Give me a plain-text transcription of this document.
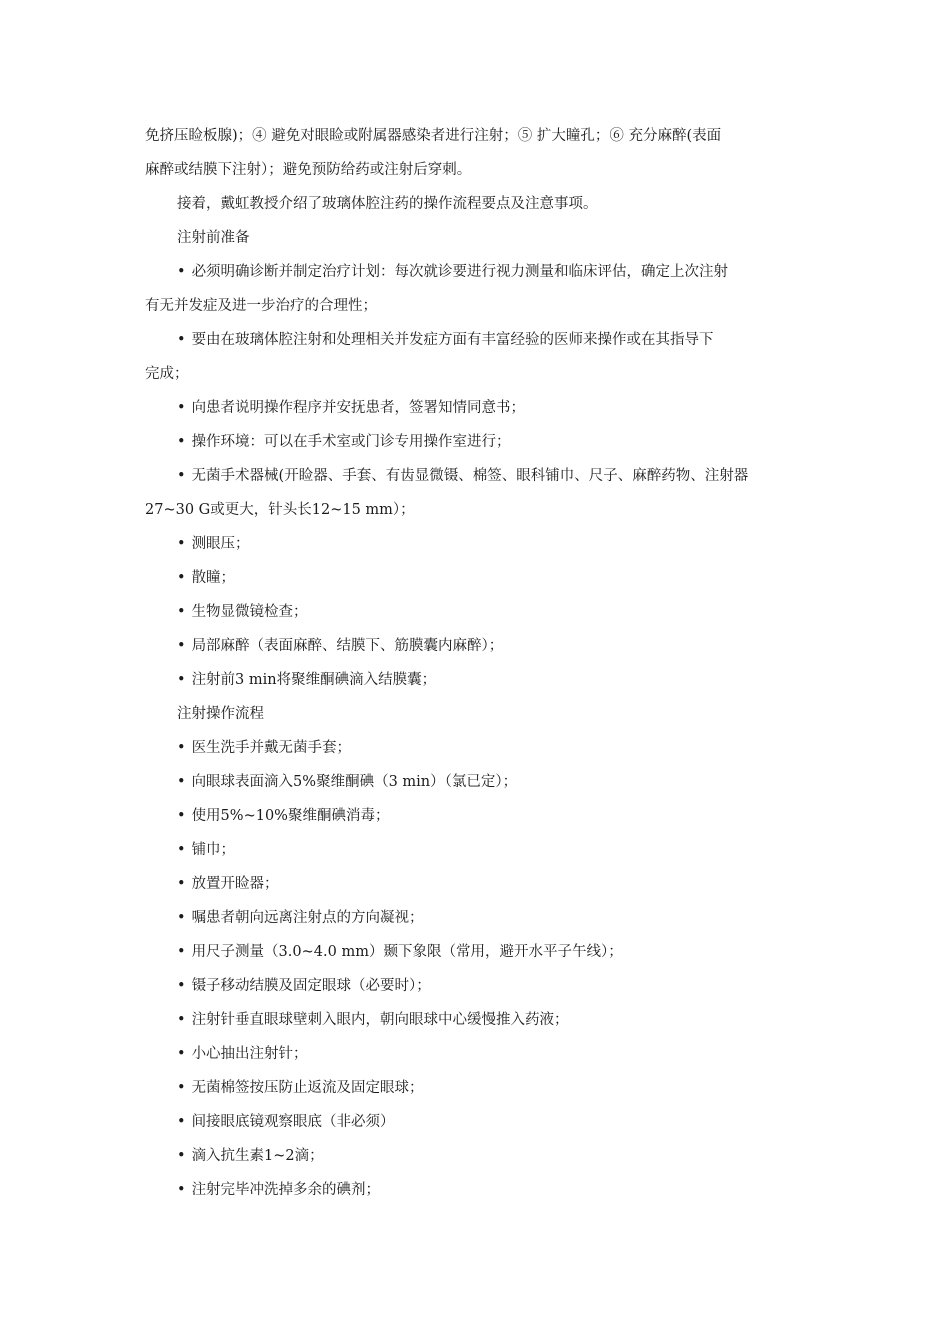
免挤压睑板腺)；④ 避免对眼睑或附属器感染者进行注射；⑤ 扩大瞳孔；⑥ 充分麻醉(表面
麻醉或结膜下注射）；避免预防给药或注射后穿刺。
接着，戴虹教授介绍了玻璃体腔注药的操作流程要点及注意事项。
注射前准备
• 必须明确诊断并制定治疗计划：每次就诊要进行视力测量和临床评估，确定上次注射
有无并发症及进一步治疗的合理性；
• 要由在玻璃体腔注射和处理相关并发症方面有丰富经验的医师来操作或在其指导下
完成；
• 向患者说明操作程序并安抚患者，签署知情同意书；
• 操作环境：可以在手术室或门诊专用操作室进行；
• 无菌手术器械(开睑器、手套、有齿显微镊、棉签、眼科铺巾、尺子、麻醉药物、注射器
27~30 G或更大，针头长12~15 mm）；
• 测眼压；
• 散瞳；
• 生物显微镜检查；
• 局部麻醉（表面麻醉、结膜下、筋膜囊内麻醉）；
• 注射前3 min将聚维酮碘滴入结膜囊；
注射操作流程
• 医生洗手并戴无菌手套；
• 向眼球表面滴入5%聚维酮碘（3 min）（氯已定）；
• 使用5%~10%聚维酮碘消毒；
• 铺巾；
• 放置开睑器；
• 嘱患者朝向远离注射点的方向凝视；
• 用尺子测量（3.0~4.0 mm）颞下象限（常用，避开水平子午线）；
• 镊子移动结膜及固定眼球（必要时）；
• 注射针垂直眼球壁刺入眼内，朝向眼球中心缓慢推入药液；
• 小心抽出注射针；
• 无菌棉签按压防止返流及固定眼球；
• 间接眼底镜观察眼底（非必须）
• 滴入抗生素1~2滴；
• 注射完毕冲洗掉多余的碘剂；
